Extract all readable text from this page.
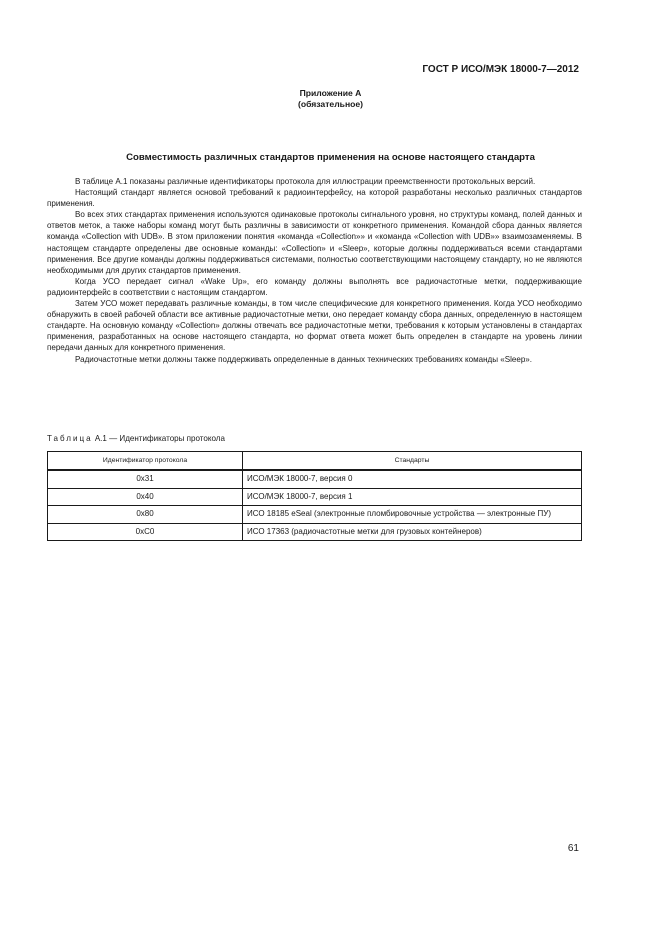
ГОСТ Р ИСО/МЭК 18000-7—2012
Приложение А
(обязательное)
Совместимость различных стандартов применения на основе настоящего стандарта

В таблице А.1 показаны различные идентификаторы протокола для иллюстрации преемственности протокольных версий.

Настоящий стандарт является основой требований к радиоинтерфейсу, на которой разработаны несколько различных стандартов применения.

Во всех этих стандартах применения используются одинаковые протоколы сигнального уровня, но структуры команд, полей данных и ответов меток, а также наборы команд могут быть различны в зависимости от конкретного применения. Командой сбора данных является команда «Collection with UDB». В этом приложении понятия «команда «Collection»» и «команда «Collection with UDB»» взаимозаменяемы. В настоящем стандарте определены две основные команды: «Collection» и «Sleep», которые должны поддерживаться всеми стандартами применения. Все другие команды должны поддерживаться системами, полностью соответствующими настоящему стандарту, но не являются необходимыми для других стандартов применения.

Когда УСО передает сигнал «Wake Up», его команду должны выполнять все радиочастотные метки, поддерживающие радиоинтерфейс в соответствии с настоящим стандартом.

Затем УСО может передавать различные команды, в том числе специфические для конкретного применения. Когда УСО необходимо обнаружить в своей рабочей области все активные радиочастотные метки, оно передает команду сбора данных, определенную в настоящем стандарте. На основную команду «Collection» должны отвечать все радиочастотные метки, требования к которым установлены в стандартах применения, разработанных на основе настоящего стандарта, но формат ответа может быть определен в стандарте на уровень линии передачи данных для конкретного применения.

Радиочастотные метки должны также поддерживать определенные в данных технических требованиях команды «Sleep».

Таблица А.1 — Идентификаторы протокола
Идентификатор протокола	Стандарты
0x31	ИСО/МЭК 18000-7, версия 0
0x40	ИСО/МЭК 18000-7, версия 1
0x80	ИСО 18185 eSeal (электронные пломбировочные устройства — электронные ПУ)
0xC0	ИСО 17363 (радиочастотные метки для грузовых контейнеров)
61
